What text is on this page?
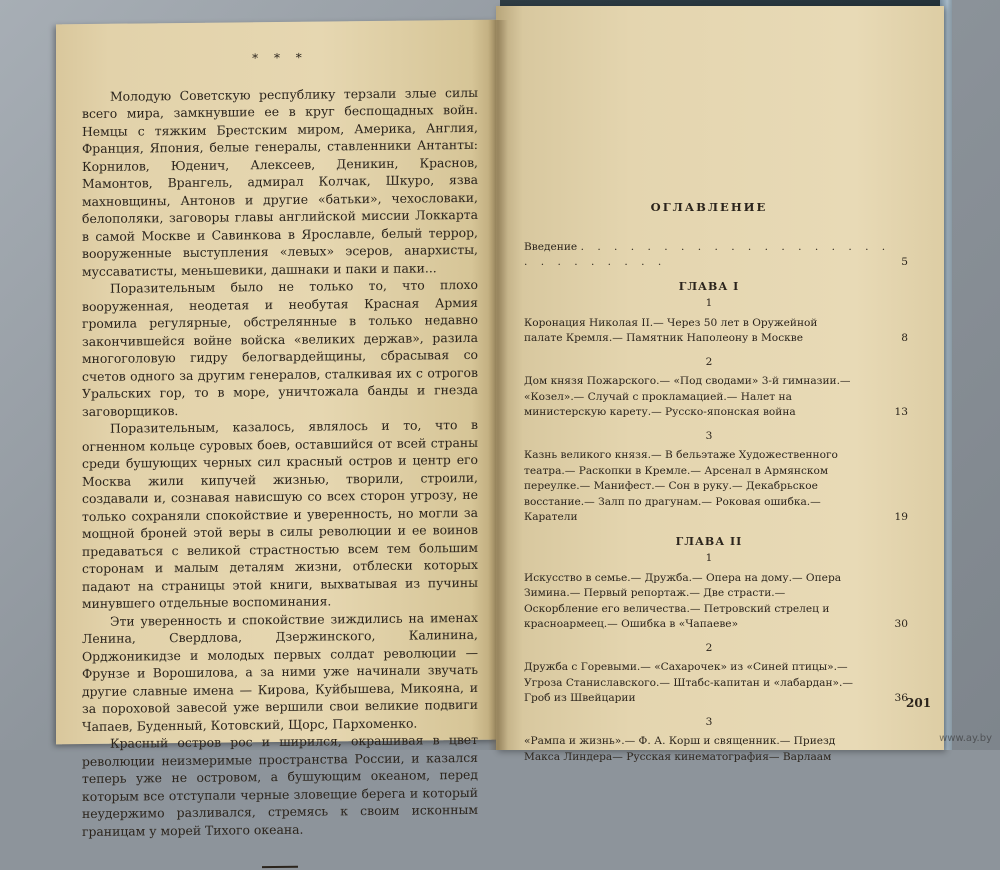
* * *

Молодую Советскую республику терзали злые силы всего мира, замкнувшие ее в круг беспощадных войн. Немцы с тяжким Брестским миром, Америка, Англия, Франция, Япония, белые генералы, ставленники Антанты: Корнилов, Юденич, Алексеев, Деникин, Краснов, Мамонтов, Врангель, адмирал Колчак, Шкуро, язва махновщины, Антонов и другие «батьки», чехословаки, белополяки, заговоры главы английской миссии Локкарта в самой Москве и Савинкова в Ярославле, белый террор, вооруженные выступления «левых» эсеров, анархисты, муссаватисты, меньшевики, дашнаки и паки и паки...

Поразительным было не только то, что плохо вооруженная, неодетая и необутая Красная Армия громила регулярные, обстрелянные в только недавно закончившейся войне войска «великих держав», разила многоголовую гидру белогвардейщины, сбрасывая со счетов одного за другим генералов, сталкивая их с отрогов Уральских гор, то в море, уничтожала банды и гнезда заговорщиков.

Поразительным, казалось, являлось и то, что в огненном кольце суровых боев, оставшийся от всей страны среди бушующих черных сил красный остров и центр его Москва жили кипучей жизнью, творили, строили, создавали и, сознавая нависшую со всех сторон угрозу, не только сохраняли спокойствие и уверенность, но могли за мощной броней этой веры в силы революции и ее воинов предаваться с великой страстностью всем тем большим сторонам и малым деталям жизни, отблески которых падают на страницы этой книги, выхватывая из пучины минувшего отдельные воспоминания.

Эти уверенность и спокойствие зиждились на именах Ленина, Свердлова, Дзержинского, Калинина, Орджоникидзе и молодых первых солдат революции — Фрунзе и Ворошилова, а за ними уже начинали звучать другие славные имена — Кирова, Куйбышева, Микояна, и за пороховой завесой уже вершили свои великие подвиги Чапаев, Буденный, Котовский, Щорс, Пархоменко.

Красный остров рос и ширился, окрашивая в цвет революции неизмеримые пространства России, и казался теперь уже не островом, а бушующим океаном, перед которым все отступали черные зловещие берега и который неудержимо разливался, стремясь к своим исконным границам у морей Тихого океана.

ОГЛАВЛЕНИЕ
Введение . . . . . . . . . . . . . . . . . . . . . . . . . . . .	5
ГЛАВА I
1
Коронация Николая II.— Через 50 лет в Оружейной палате Кремля.— Памятник Наполеону в Москве	8
2
Дом князя Пожарского.— «Под сводами» 3-й гимназии.— «Козел».— Случай с прокламацией.— Налет на министерскую карету.— Русско-японская война	13
3
Казнь великого князя.— В бельэтаже Художественного театра.— Раскопки в Кремле.— Арсенал в Армянском переулке.— Манифест.— Сон в руку.— Декабрьское восстание.— Залп по драгунам.— Роковая ошибка.— Каратели	19
ГЛАВА II
1
Искусство в семье.— Дружба.— Опера на дому.— Опера Зимина.— Первый репортаж.— Две страсти.— Оскорбление его величества.— Петровский стрелец и красноармеец.— Ошибка в «Чапаеве»	30
2
Дружба с Горевыми.— «Сахарочек» из «Синей птицы».— Угроза Станиславского.— Штабс-капитан и «лабардан».— Гроб из Швейцарии	36
3
«Рампа и жизнь».— Ф. А. Корш и священник.— Приезд Макса Линдера— Русская кинематография— Варлаам
201
www.ay.by
